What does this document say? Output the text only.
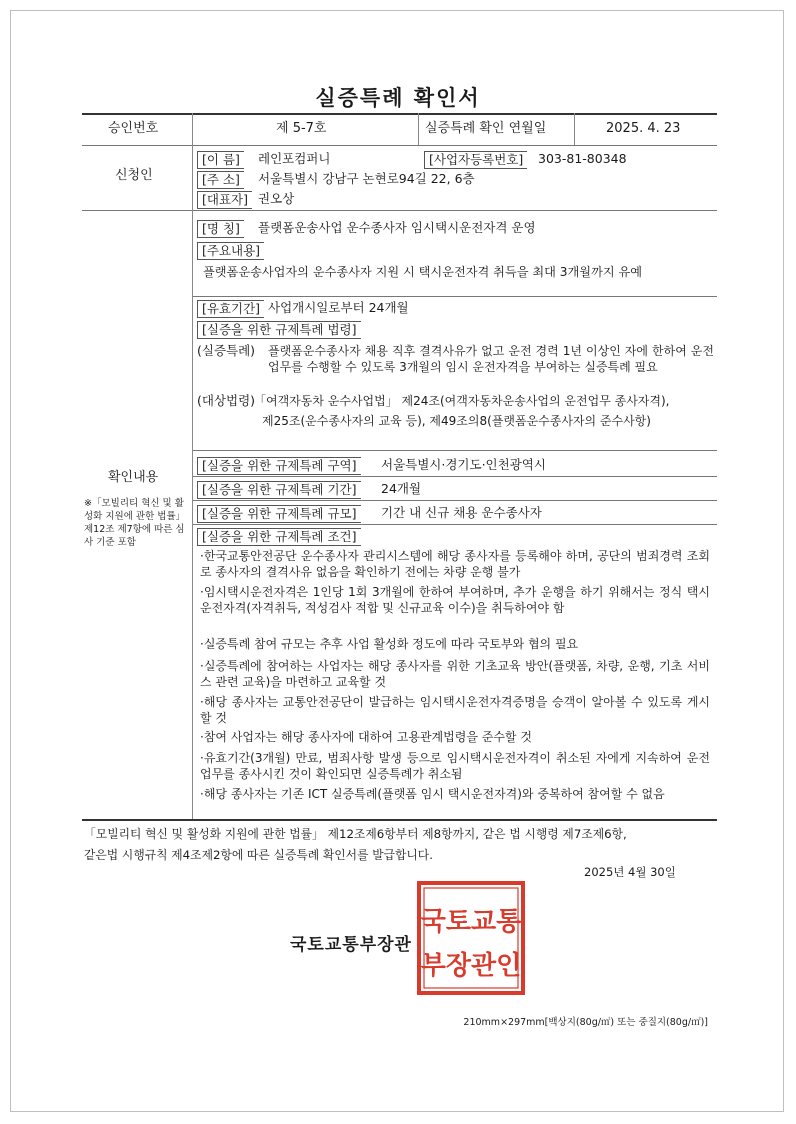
실증특례 확인서
승인번호	제 5-7호	실증특례 확인 연월일	2025. 4. 23
신청인
[이 름]	레인포컴퍼니	[사업자등록번호]	303-81-80348
[주 소]	서울특별시 강남구 논현로94길 22, 6층
[대표자] 권오상
확인내용
※「모빌리티 혁신 및 활성화 지원에 관한 법률」 제12조 제7항에 따른 심사 기준 포함
[명 칭]	플랫폼운송사업 운수종사자 임시택시운전자격 운영
[주요내용]
플랫폼운송사업자의 운수종사자 지원 시 택시운전자격 취득을 최대 3개월까지 유예
[유효기간] 사업개시일로부터 24개월
[실증을 위한 규제특례 법령]
(실증특례) 플랫폼운수종사자 채용 직후 결격사유가 없고 운전 경력 1년 이상인 자에 한하여 운전업무를 수행할 수 있도록 3개월의 임시 운전자격을 부여하는 실증특례 필요
(대상법령)
「여객자동차 운수사업법」 제24조(여객자동차운송사업의 운전업무 종사자격),
제25조(운수종사자의 교육 등), 제49조의8(플랫폼운수종사자의 준수사항)
[실증을 위한 규제특례 구역]	서울특별시·경기도·인천광역시
[실증을 위한 규제특례 기간]	24개월
[실증을 위한 규제특례 규모]	기간 내 신규 채용 운수종사자
[실증을 위한 규제특례 조건]
·한국교통안전공단 운수종사자 관리시스템에 해당 종사자를 등록해야 하며, 공단의 범죄경력 조회로 종사자의 결격사유 없음을 확인하기 전에는 차량 운행 불가
·임시택시운전자격은 1인당 1회 3개월에 한하여 부여하며, 추가 운행을 하기 위해서는 정식 택시운전자격(자격취득, 적성검사 적합 및 신규교육 이수)을 취득하여야 함
·실증특례 참여 규모는 추후 사업 활성화 정도에 따라 국토부와 협의 필요
·실증특례에 참여하는 사업자는 해당 종사자를 위한 기초교육 방안(플랫폼, 차량, 운행, 기초 서비스 관련 교육)을 마련하고 교육할 것
·해당 종사자는 교통안전공단이 발급하는 임시택시운전자격증명을 승객이 알아볼 수 있도록 게시할 것
·참여 사업자는 해당 종사자에 대하여 고용관계법령을 준수할 것
·유효기간(3개월) 만료, 범죄사항 발생 등으로 임시택시운전자격이 취소된 자에게 지속하여 운전업무를 종사시킨 것이 확인되면 실증특례가 취소됨
·해당 종사자는 기존 ICT 실증특례(플랫폼 임시 택시운전자격)와 중복하여 참여할 수 없음
「모빌리티 혁신 및 활성화 지원에 관한 법률」 제12조제6항부터 제8항까지, 같은 법 시행령 제7조제6항,
같은법 시행규칙 제4조제2항에 따른 실증특례 확인서를 발급합니다.
2025년 4월 30일
국토교통부장관
국토교통
부장관인
210mm×297mm[백상지(80g/㎡) 또는 중질지(80g/㎡)]
